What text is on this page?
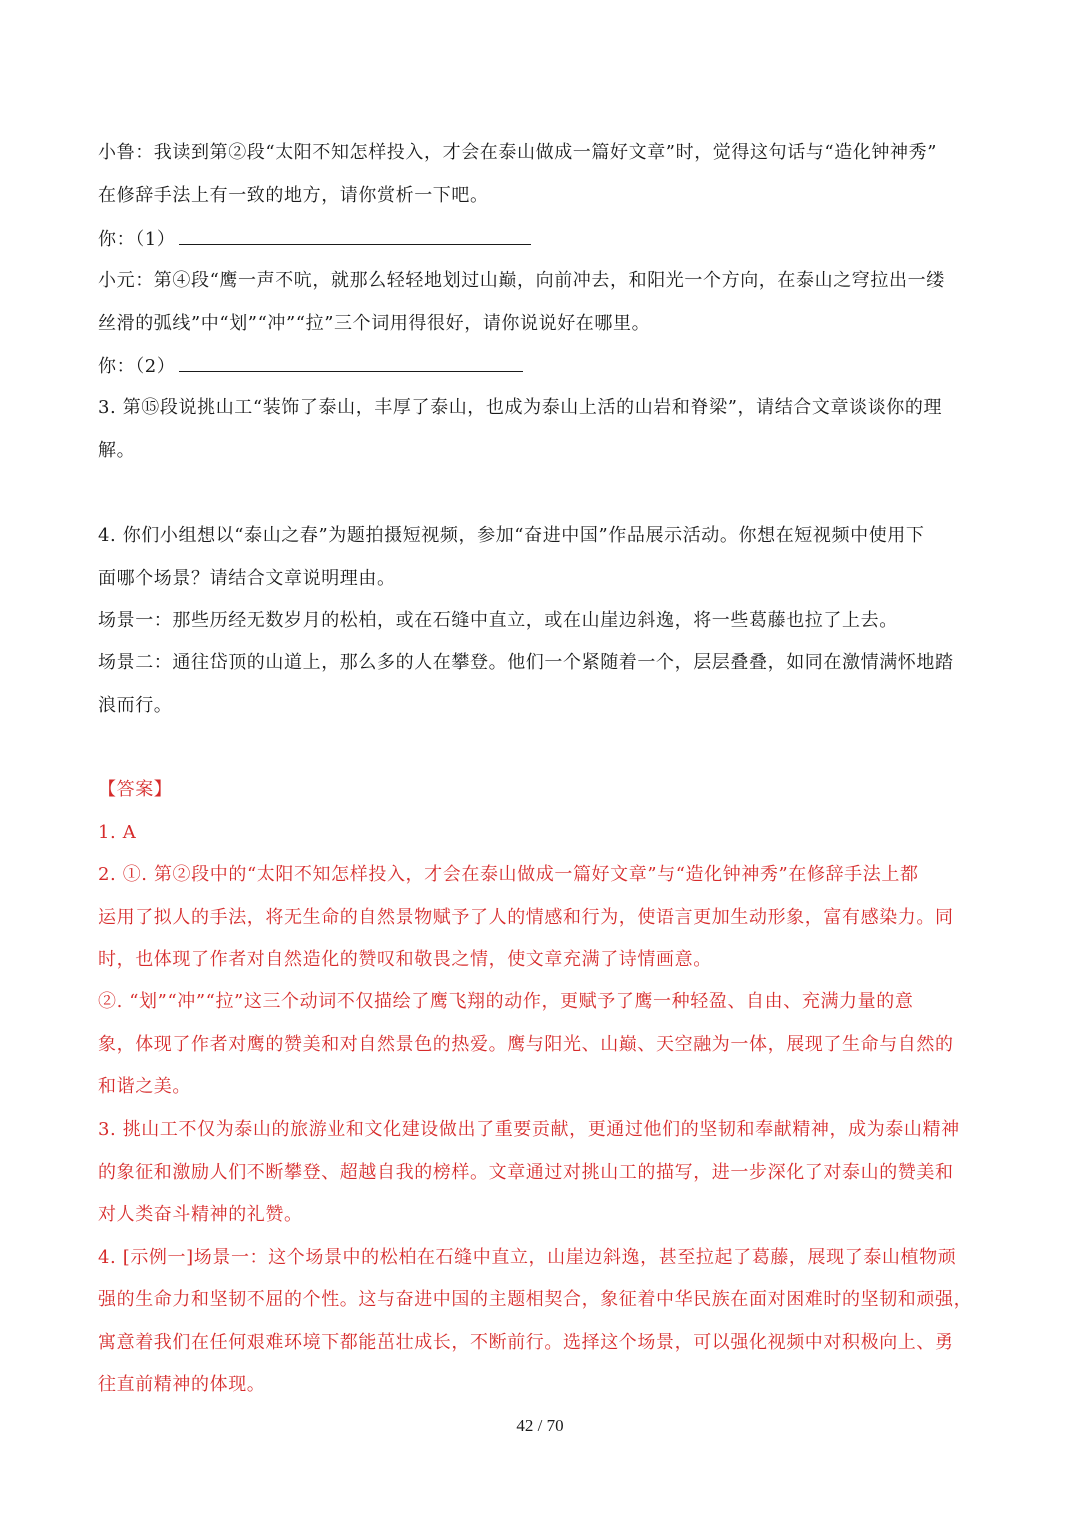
小鲁：我读到第②段“太阳不知怎样投入，才会在泰山做成一篇好文章”时，觉得这句话与“造化钟神秀”
在修辞手法上有一致的地方，请你赏析一下吧。
你：（1）
小元：第④段“鹰一声不吭，就那么轻轻地划过山巅，向前冲去，和阳光一个方向，在泰山之穹拉出一缕
丝滑的弧线”中“划”“冲”“拉”三个词用得很好，请你说说好在哪里。
你：（2）
3. 第⑮段说挑山工“装饰了泰山，丰厚了泰山，也成为泰山上活的山岩和脊梁”，请结合文章谈谈你的理
解。
4. 你们小组想以“泰山之春”为题拍摄短视频，参加“奋进中国”作品展示活动。你想在短视频中使用下
面哪个场景？请结合文章说明理由。
场景一：那些历经无数岁月的松柏，或在石缝中直立，或在山崖边斜逸，将一些葛藤也拉了上去。
场景二：通往岱顶的山道上，那么多的人在攀登。他们一个紧随着一个，层层叠叠，如同在激情满怀地踏
浪而行。
【答案】
1. A
2. ①. 第②段中的“太阳不知怎样投入，才会在泰山做成一篇好文章”与“造化钟神秀”在修辞手法上都
运用了拟人的手法，将无生命的自然景物赋予了人的情感和行为，使语言更加生动形象，富有感染力。同
时，也体现了作者对自然造化的赞叹和敬畏之情，使文章充满了诗情画意。
②. “划”“冲”“拉”这三个动词不仅描绘了鹰飞翔的动作，更赋予了鹰一种轻盈、自由、充满力量的意
象，体现了作者对鹰的赞美和对自然景色的热爱。鹰与阳光、山巅、天空融为一体，展现了生命与自然的
和谐之美。
3. 挑山工不仅为泰山的旅游业和文化建设做出了重要贡献，更通过他们的坚韧和奉献精神，成为泰山精神
的象征和激励人们不断攀登、超越自我的榜样。文章通过对挑山工的描写，进一步深化了对泰山的赞美和
对人类奋斗精神的礼赞。
4. [示例一]场景一：这个场景中的松柏在石缝中直立，山崖边斜逸，甚至拉起了葛藤，展现了泰山植物顽
强的生命力和坚韧不屈的个性。这与奋进中国的主题相契合，象征着中华民族在面对困难时的坚韧和顽强，
寓意着我们在任何艰难环境下都能茁壮成长，不断前行。选择这个场景，可以强化视频中对积极向上、勇
往直前精神的体现。
42 / 70
